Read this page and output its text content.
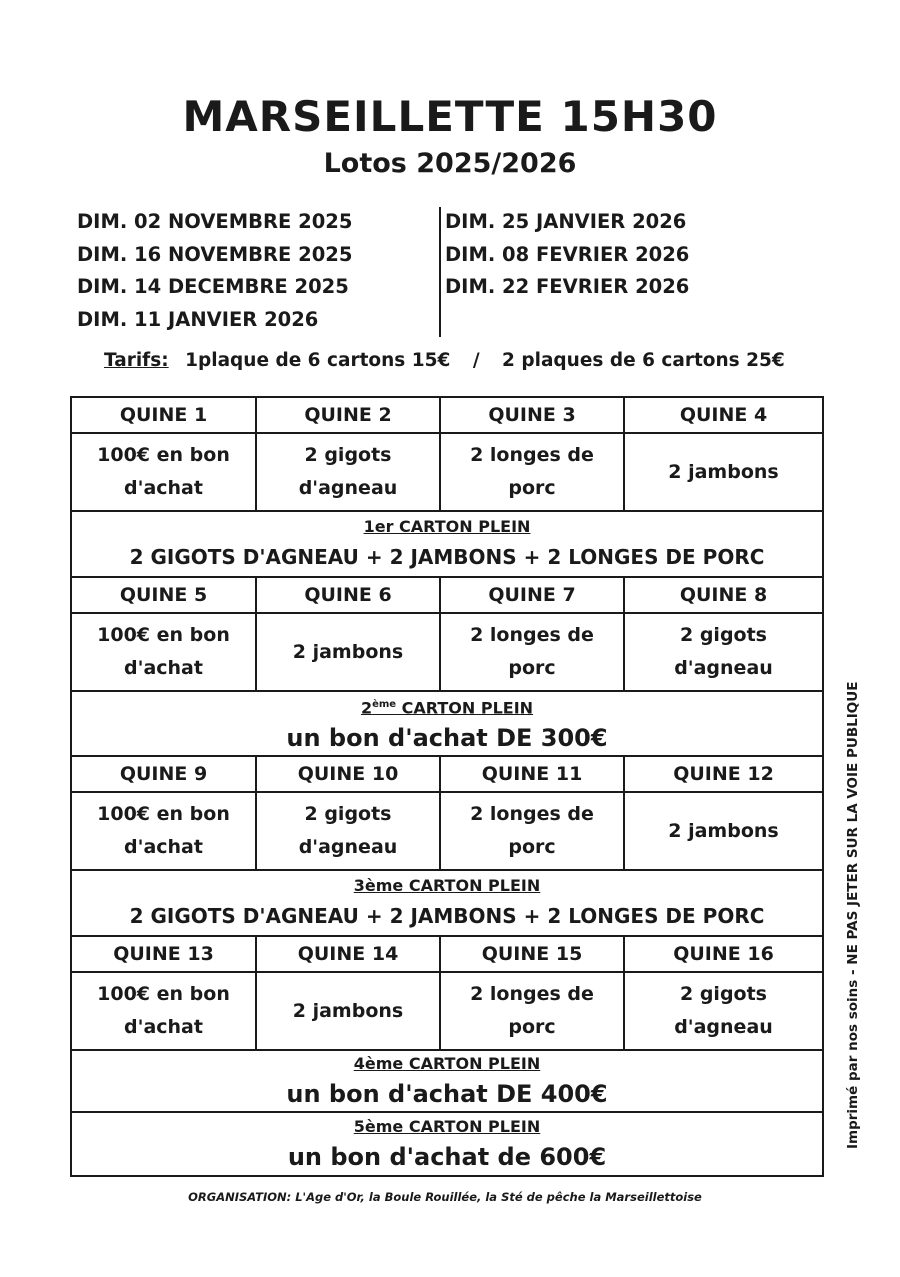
MARSEILLETTE 15H30
Lotos 2025/2026
DIM. 02 NOVEMBRE 2025
DIM. 16 NOVEMBRE 2025
DIM. 14 DECEMBRE 2025
DIM. 11 JANVIER 2026
DIM. 25 JANVIER 2026
DIM. 08 FEVRIER 2026
DIM. 22 FEVRIER 2026
Tarifs: 1plaque de 6 cartons 15€ / 2 plaques de 6 cartons 25€
QUINE 1	QUINE 2	QUINE 3	QUINE 4
100€ en bon d'achat	2 gigots d'agneau	2 longes de porc	2 jambons

1er CARTON PLEIN
2 GIGOTS D'AGNEAU + 2 JAMBONS + 2 LONGES DE PORC			

QUINE 5	QUINE 6	QUINE 7	QUINE 8
100€ en bon d'achat	2 jambons	2 longes de porc	2 gigots d'agneau

2ème CARTON PLEIN
un bon d'achat DE 300€			

QUINE 9	QUINE 10	QUINE 11	QUINE 12
100€ en bon d'achat	2 gigots d'agneau	2 longes de porc	2 jambons

3ème CARTON PLEIN
2 GIGOTS D'AGNEAU + 2 JAMBONS + 2 LONGES DE PORC			

QUINE 13	QUINE 14	QUINE 15	QUINE 16
100€ en bon d'achat	2 jambons	2 longes de porc	2 gigots d'agneau

4ème CARTON PLEIN
un bon d'achat DE 400€			

5ème CARTON PLEIN
un bon d'achat de 600€			
Imprimé par nos soins - NE PAS JETER SUR LA VOIE PUBLIQUE
ORGANISATION: L'Age d'Or, la Boule Rouillée, la Sté de pêche la Marseillettoise
